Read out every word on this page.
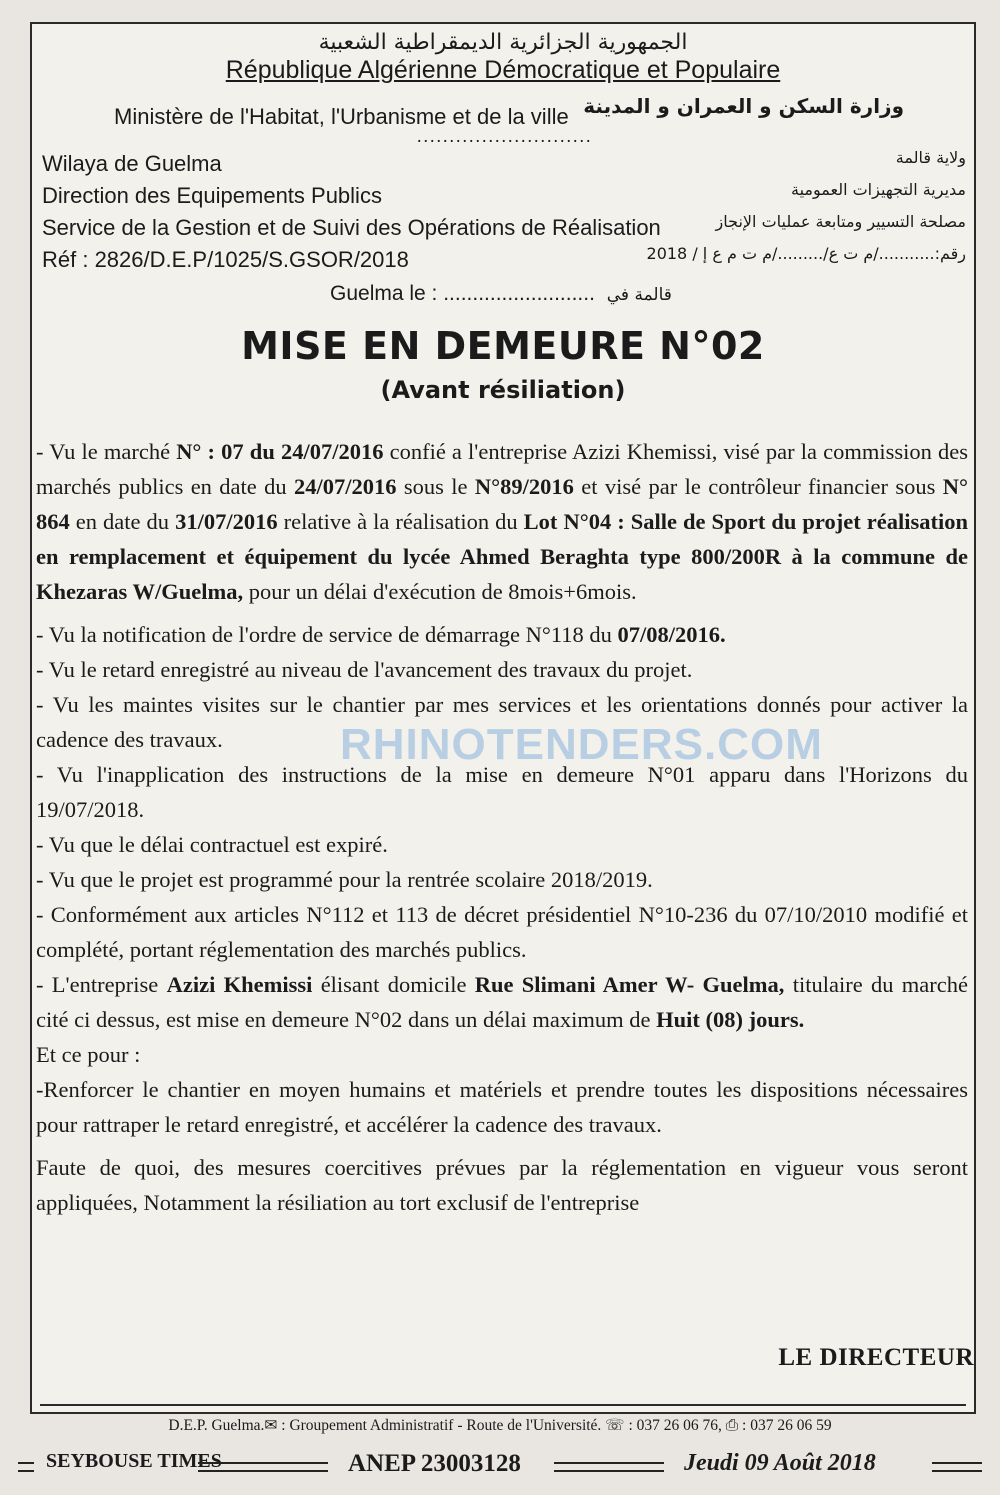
الجمهورية الجزائرية الديمقراطية الشعبية
République Algérienne Démocratique et Populaire
Ministère de l'Habitat, l'Urbanisme et de la ville وزارة السكن و العمران و المدينة
...........................
Wilaya de Guelma
Direction des Equipements Publics
Service de la Gestion et de Suivi des Opérations de Réalisation
Réf : 2826/D.E.P/1025/S.GSOR/2018
ولاية قالمة
مديرية التجهيزات العمومية
مصلحة التسيير ومتابعة عمليات الإنجاز
رقم:.........../م ت ع/........./م ت م ع إ / 2018
Guelma le : .......................... قالمة في
MISE EN DEMEURE N°02
(Avant résiliation)

- Vu le marché N° : 07 du 24/07/2016 confié a l'entreprise Azizi Khemissi, visé par la commission des marchés publics en date du 24/07/2016 sous le N°89/2016 et visé par le contrôleur financier sous N° 864 en date du 31/07/2016 relative à la réalisation du Lot N°04 : Salle de Sport du projet réalisation en remplacement et équipement du lycée Ahmed Beraghta type 800/200R à la commune de Khezaras W/Guelma, pour un délai d'exécution de 8mois+6mois.

- Vu la notification de l'ordre de service de démarrage N°118 du 07/08/2016.

- Vu le retard enregistré au niveau de l'avancement des travaux du projet.

- Vu les maintes visites sur le chantier par mes services et les orientations donnés pour activer la cadence des travaux.

- Vu l'inapplication des instructions de la mise en demeure N°01 apparu dans l'Horizons du 19/07/2018.

- Vu que le délai contractuel est expiré.

- Vu que le projet est programmé pour la rentrée scolaire 2018/2019.

- Conformément aux articles N°112 et 113 de décret présidentiel N°10-236 du 07/10/2010 modifié et complété, portant réglementation des marchés publics.

- L'entreprise Azizi Khemissi élisant domicile Rue Slimani Amer W- Guelma, titulaire du marché cité ci dessus, est mise en demeure N°02 dans un délai maximum de Huit (08) jours.

Et ce pour :

-Renforcer le chantier en moyen humains et matériels et prendre toutes les dispositions nécessaires pour rattraper le retard enregistré, et accélérer la cadence des travaux.

Faute de quoi, des mesures coercitives prévues par la réglementation en vigueur vous seront appliquées, Notamment la résiliation au tort exclusif de l'entreprise

LE DIRECTEUR
RHINOTENDERS.COM
D.E.P. Guelma.✉ : Groupement Administratif - Route de l'Université. ☏ : 037 26 06 76, ⎙ : 037 26 06 59
SEYBOUSE TIMES	ANEP 23003128	Jeudi 09 Août 2018
